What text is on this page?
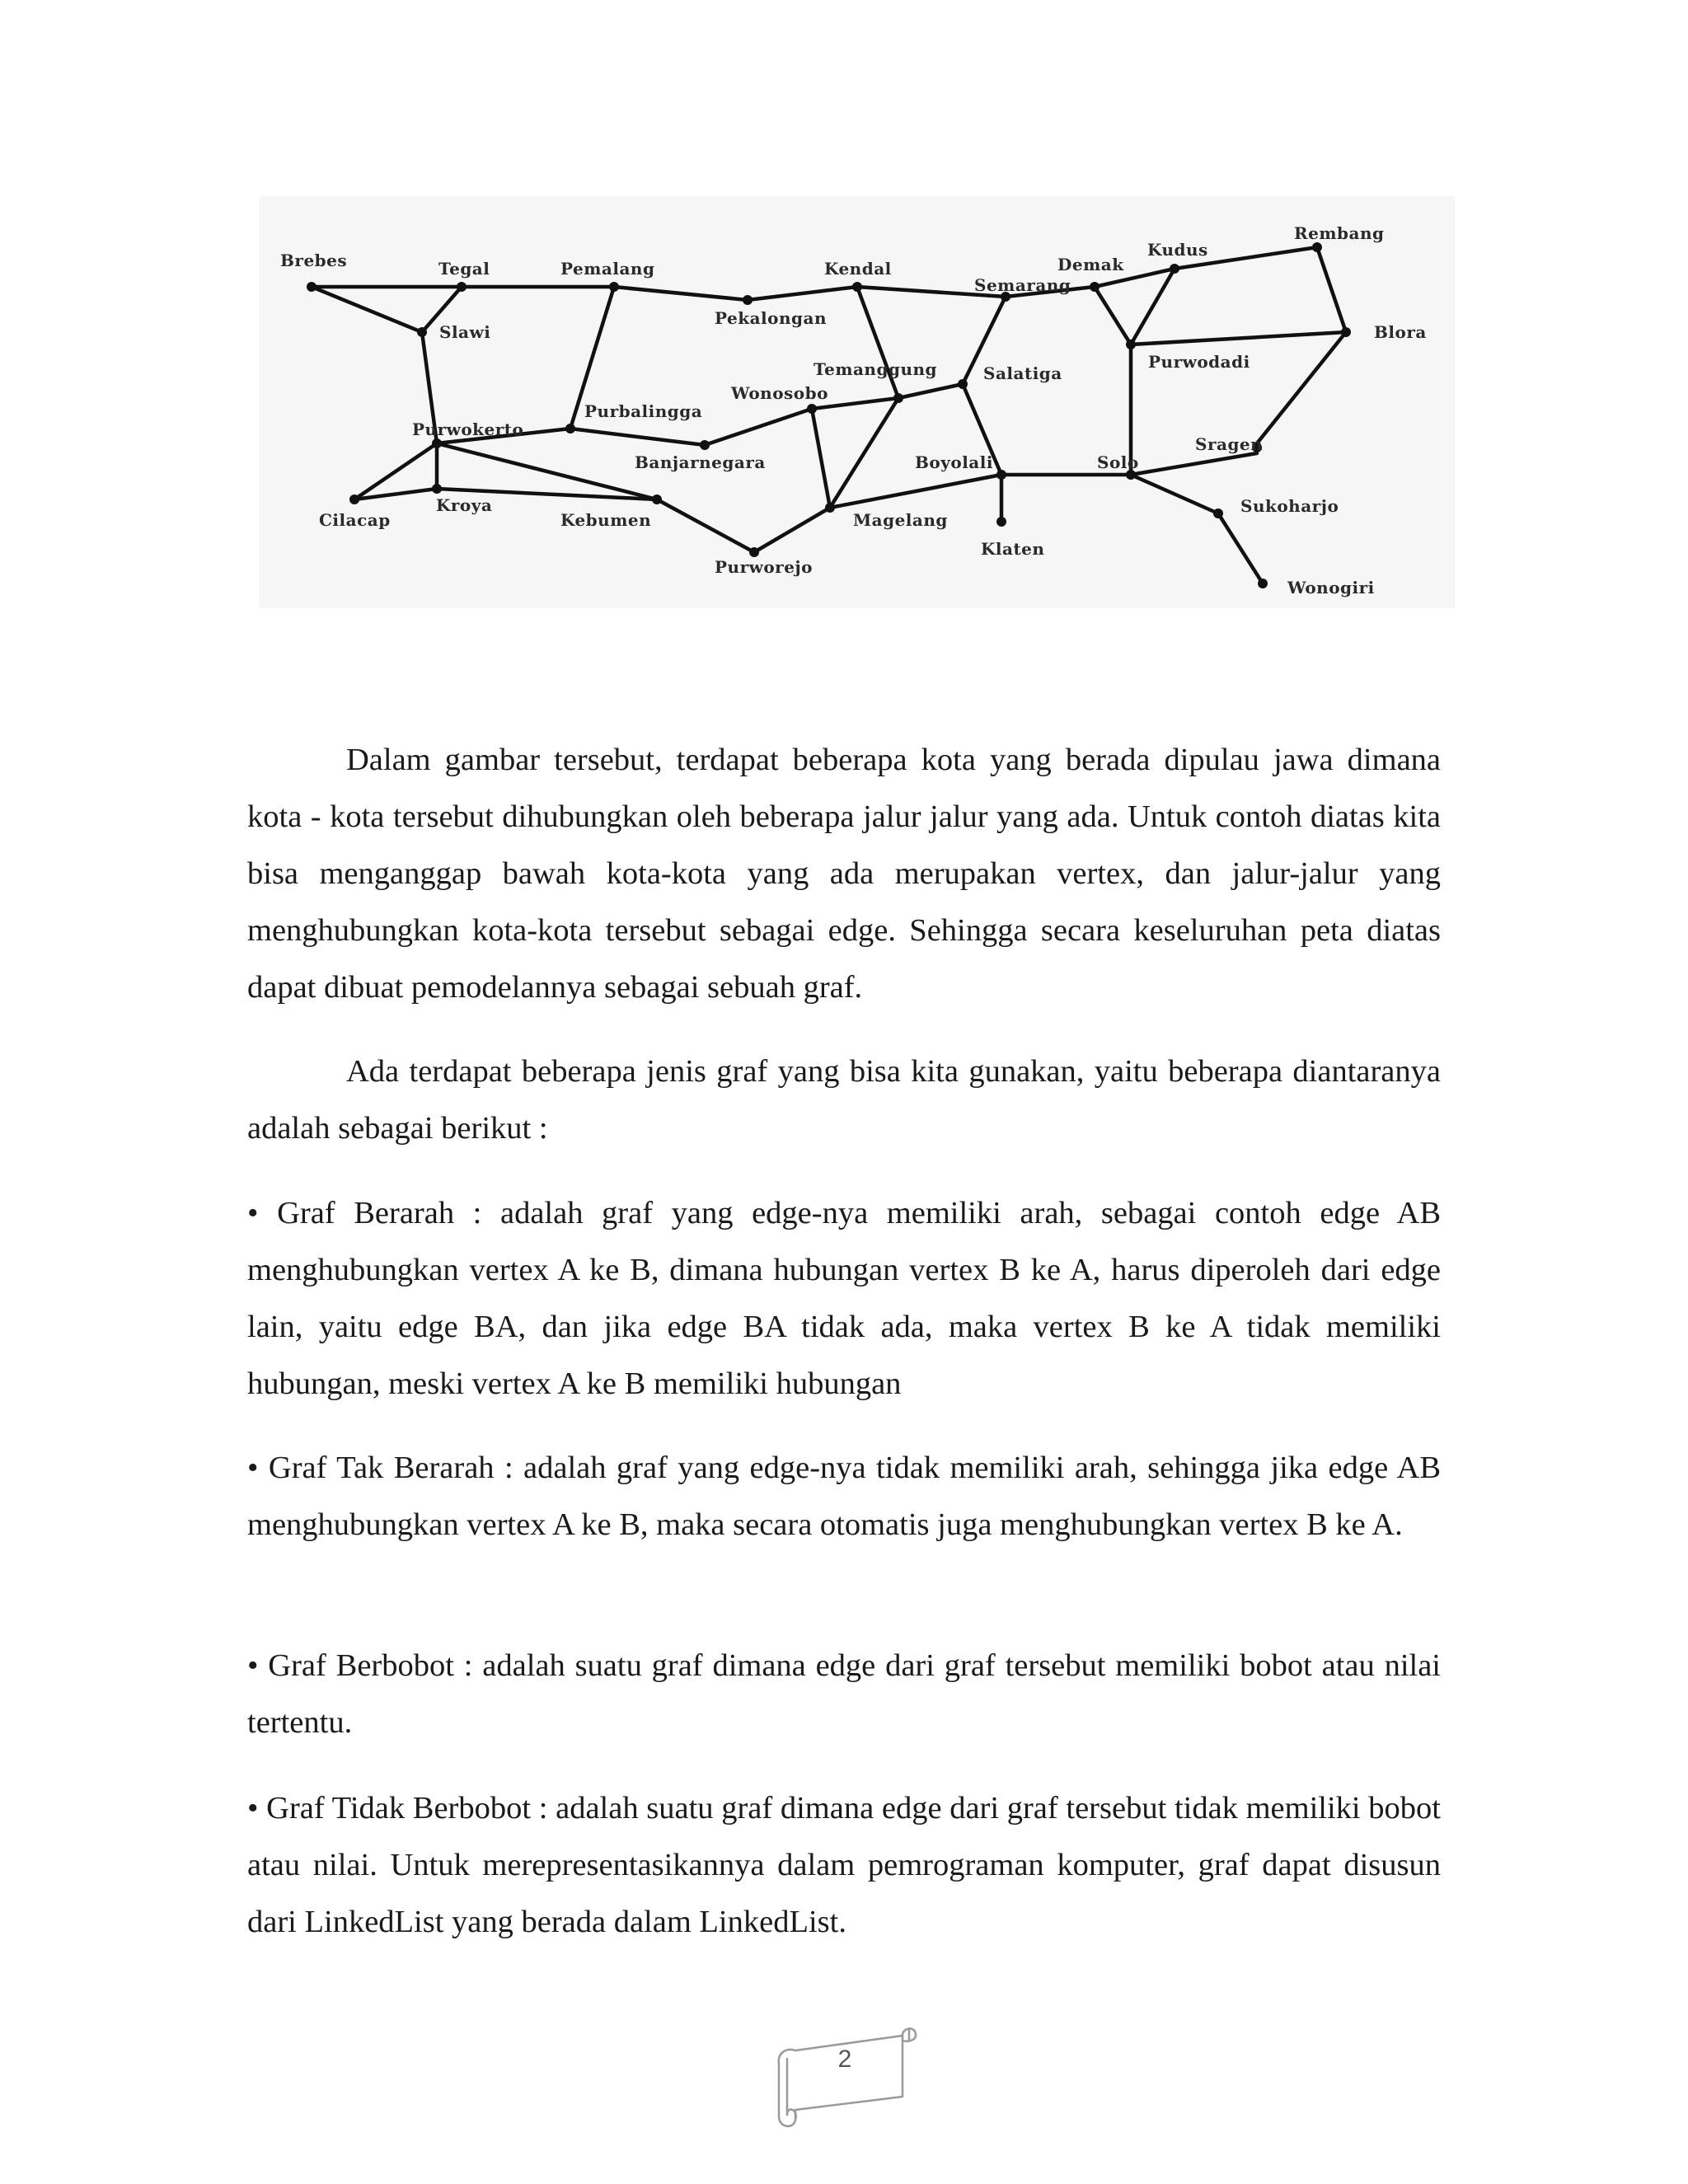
Brebes	Tegal	Pemalang	Kendal
Semarang
Demak
Kudus
Rembang
Blora
Slawi
Pekalongan
Temanggung	Salatiga
Purwodadi
Wonosobo
Purbalingga
Purwokerto
Banjarnegara	Boyolali	Solo
Sragen
Kroya
Cilacap	Kebumen	Magelang
Sukoharjo
Klaten
Purworejo
Wonogiri

Dalam gambar tersebut, terdapat beberapa kota yang berada dipulau jawa dimana kota - kota tersebut dihubungkan oleh beberapa jalur jalur yang ada. Untuk contoh diatas kita bisa menganggap bawah kota-kota yang ada merupakan vertex, dan jalur-jalur yang menghubungkan kota-kota tersebut sebagai edge. Sehingga secara keseluruhan peta diatas dapat dibuat pemodelannya sebagai sebuah graf.

Ada terdapat beberapa jenis graf yang bisa kita gunakan, yaitu beberapa diantaranya adalah sebagai berikut :

• Graf Berarah : adalah graf yang edge-nya memiliki arah, sebagai contoh edge AB menghubungkan vertex A ke B, dimana hubungan vertex B ke A, harus diperoleh dari edge lain, yaitu edge BA, dan jika edge BA tidak ada, maka vertex B ke A tidak memiliki hubungan, meski vertex A ke B memiliki hubungan

• Graf Tak Berarah : adalah graf yang edge-nya tidak memiliki arah, sehingga jika edge AB menghubungkan vertex A ke B, maka secara otomatis juga menghubungkan vertex B ke A.

• Graf Berbobot : adalah suatu graf dimana edge dari graf tersebut memiliki bobot atau nilai tertentu.

• Graf Tidak Berbobot : adalah suatu graf dimana edge dari graf tersebut tidak memiliki bobot atau nilai. Untuk merepresentasikannya dalam pemrograman komputer, graf dapat disusun dari LinkedList yang berada dalam LinkedList.

2
